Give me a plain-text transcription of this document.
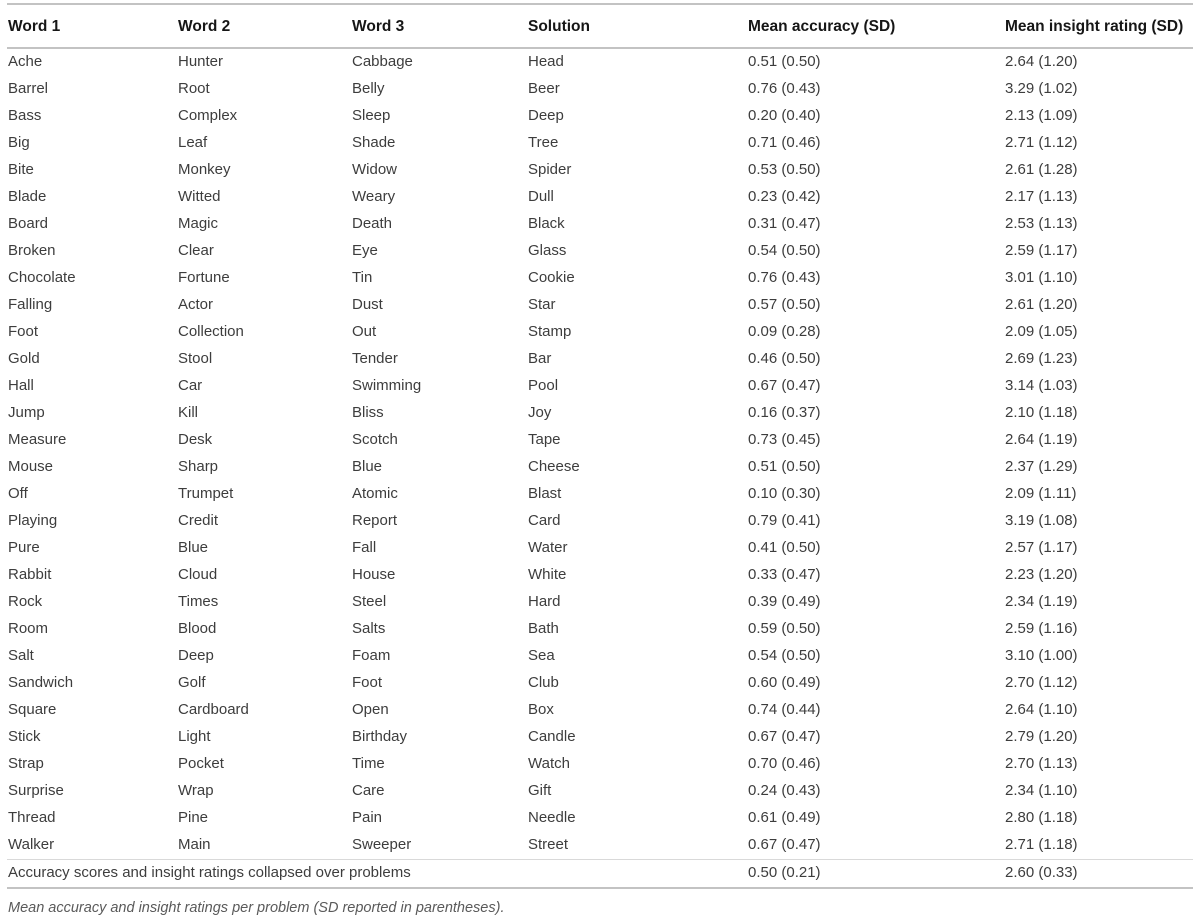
Word 1	Word 2	Word 3	Solution	Mean accuracy (SD)	Mean insight rating (SD)
Ache	Hunter	Cabbage	Head	0.51 (0.50)	2.64 (1.20)
Barrel	Root	Belly	Beer	0.76 (0.43)	3.29 (1.02)
Bass	Complex	Sleep	Deep	0.20 (0.40)	2.13 (1.09)
Big	Leaf	Shade	Tree	0.71 (0.46)	2.71 (1.12)
Bite	Monkey	Widow	Spider	0.53 (0.50)	2.61 (1.28)
Blade	Witted	Weary	Dull	0.23 (0.42)	2.17 (1.13)
Board	Magic	Death	Black	0.31 (0.47)	2.53 (1.13)
Broken	Clear	Eye	Glass	0.54 (0.50)	2.59 (1.17)
Chocolate	Fortune	Tin	Cookie	0.76 (0.43)	3.01 (1.10)
Falling	Actor	Dust	Star	0.57 (0.50)	2.61 (1.20)
Foot	Collection	Out	Stamp	0.09 (0.28)	2.09 (1.05)
Gold	Stool	Tender	Bar	0.46 (0.50)	2.69 (1.23)
Hall	Car	Swimming	Pool	0.67 (0.47)	3.14 (1.03)
Jump	Kill	Bliss	Joy	0.16 (0.37)	2.10 (1.18)
Measure	Desk	Scotch	Tape	0.73 (0.45)	2.64 (1.19)
Mouse	Sharp	Blue	Cheese	0.51 (0.50)	2.37 (1.29)
Off	Trumpet	Atomic	Blast	0.10 (0.30)	2.09 (1.11)
Playing	Credit	Report	Card	0.79 (0.41)	3.19 (1.08)
Pure	Blue	Fall	Water	0.41 (0.50)	2.57 (1.17)
Rabbit	Cloud	House	White	0.33 (0.47)	2.23 (1.20)
Rock	Times	Steel	Hard	0.39 (0.49)	2.34 (1.19)
Room	Blood	Salts	Bath	0.59 (0.50)	2.59 (1.16)
Salt	Deep	Foam	Sea	0.54 (0.50)	3.10 (1.00)
Sandwich	Golf	Foot	Club	0.60 (0.49)	2.70 (1.12)
Square	Cardboard	Open	Box	0.74 (0.44)	2.64 (1.10)
Stick	Light	Birthday	Candle	0.67 (0.47)	2.79 (1.20)
Strap	Pocket	Time	Watch	0.70 (0.46)	2.70 (1.13)
Surprise	Wrap	Care	Gift	0.24 (0.43)	2.34 (1.10)
Thread	Pine	Pain	Needle	0.61 (0.49)	2.80 (1.18)
Walker	Main	Sweeper	Street	0.67 (0.47)	2.71 (1.18)
Accuracy scores and insight ratings collapsed over problems				0.50 (0.21)	2.60 (0.33)

Mean accuracy and insight ratings per problem (SD reported in parentheses).
